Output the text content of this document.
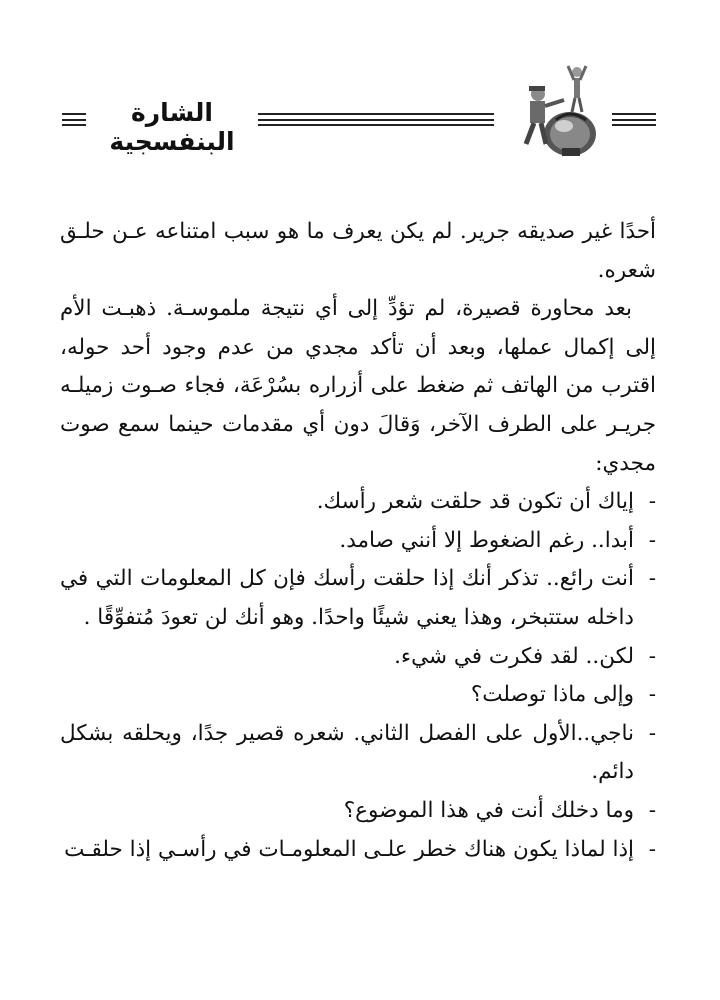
الشارة البنفسجية

أحدًا غير صديقه جرير. لم يكن يعرف ما هو سبب امتناعه عـن حلـق شعره.

بعد محاورة قصيرة، لم تؤدِّ إلى أي نتيجة ملموسـة. ذهبـت الأم إلى إكمال عملها، وبعد أن تأكد مجدي من عدم وجود أحد حوله، اقترب من الهاتف ثم ضغط على أزراره بسُرْعَة، فجاء صـوت زميلـه جريـر على الطرف الآخر، وَقالَ دون أي مقدمات حينما سمع صوت مجدي:

-
إياك أن تكون قد حلقت شعر رأسك.

-
أبدا.. رغم الضغوط إلا أنني صامد.

-
أنت رائع.. تذكر أنك إذا حلقت رأسك فإن كل المعلومات التي في داخله ستتبخر، وهذا يعني شيئًا واحدًا. وهو أنك لن تعودَ مُتفوِّقًا .

-
لكن.. لقد فكرت في شيء.

-
وإلى ماذا توصلت؟

-
ناجي..الأول على الفصل الثاني. شعره قصير جدًا، ويحلقه بشكل دائم.

-
وما دخلك أنت في هذا الموضوع؟

-
إذا لماذا يكون هناك خطر علـى المعلومـات في رأسـي إذا حلقـت
